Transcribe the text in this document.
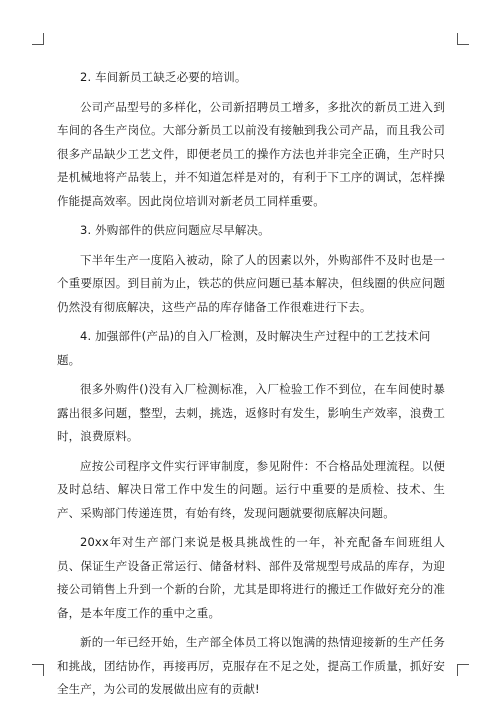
2. 车间新员工缺乏必要的培训。

公司产品型号的多样化，公司新招聘员工增多，多批次的新员工进入到车间的各生产岗位。大部分新员工以前没有接触到我公司产品，而且我公司很多产品缺少工艺文件，即便老员工的操作方法也并非完全正确，生产时只是机械地将产品装上，并不知道怎样是对的，有利于下工序的调试，怎样操作能提高效率。因此岗位培训对新老员工同样重要。

3. 外购部件的供应问题应尽早解决。

下半年生产一度陷入被动，除了人的因素以外，外购部件不及时也是一个重要原因。到目前为止，铁芯的供应问题已基本解决，但线圈的供应问题仍然没有彻底解决，这些产品的库存储备工作很难进行下去。

4. 加强部件(产品)的自入厂检测，及时解决生产过程中的工艺技术问题。

很多外购件()没有入厂检测标准，入厂检验工作不到位，在车间使时暴露出很多问题，整型，去刺，挑选，返修时有发生，影响生产效率，浪费工时，浪费原料。

应按公司程序文件实行评审制度，参见附件：不合格品处理流程。以便及时总结、解决日常工作中发生的问题。运行中重要的是质检、技术、生产、采购部门传递连贯，有始有终，发现问题就要彻底解决问题。

20xx年对生产部门来说是极具挑战性的一年，补充配备车间班组人员、保证生产设备正常运行、储备材料、部件及常规型号成品的库存，为迎接公司销售上升到一个新的台阶，尤其是即将进行的搬迁工作做好充分的准备，是本年度工作的重中之重。

新的一年已经开始，生产部全体员工将以饱满的热情迎接新的生产任务和挑战，团结协作，再接再厉，克服存在不足之处，提高工作质量，抓好安全生产，为公司的发展做出应有的贡献!
